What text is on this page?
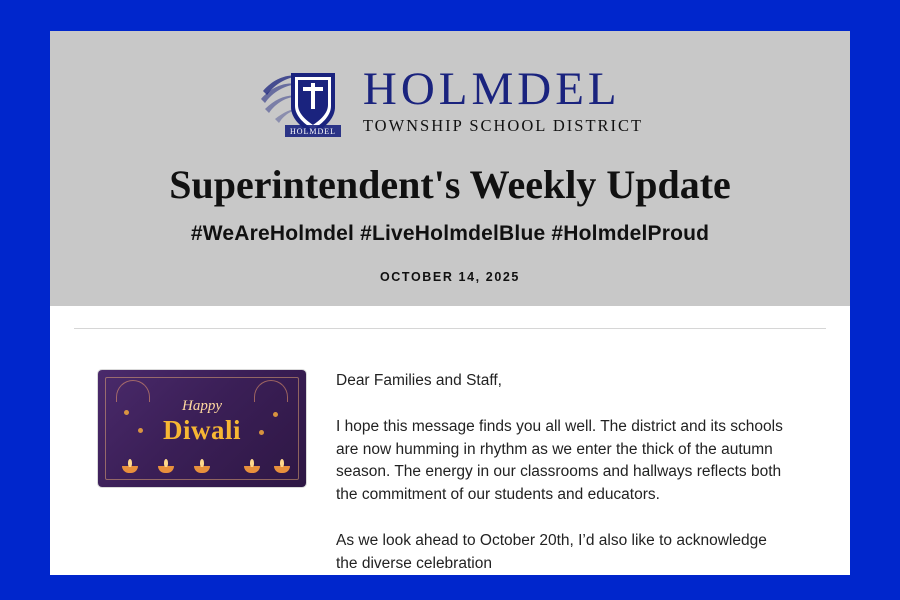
HOLMDEL
HOLMDEL
TOWNSHIP SCHOOL DISTRICT
Superintendent's Weekly Update
#WeAreHolmdel #LiveHolmdelBlue #HolmdelProud
OCTOBER 14, 2025
Happy
Diwali

Dear Families and Staff,

I hope this message finds you all well. The district and its schools are now humming in rhythm as we enter the thick of the autumn season. The energy in our classrooms and hallways reflects both the commitment of our students and educators.

As we look ahead to October 20th, I’d also like to acknowledge the diverse celebration
